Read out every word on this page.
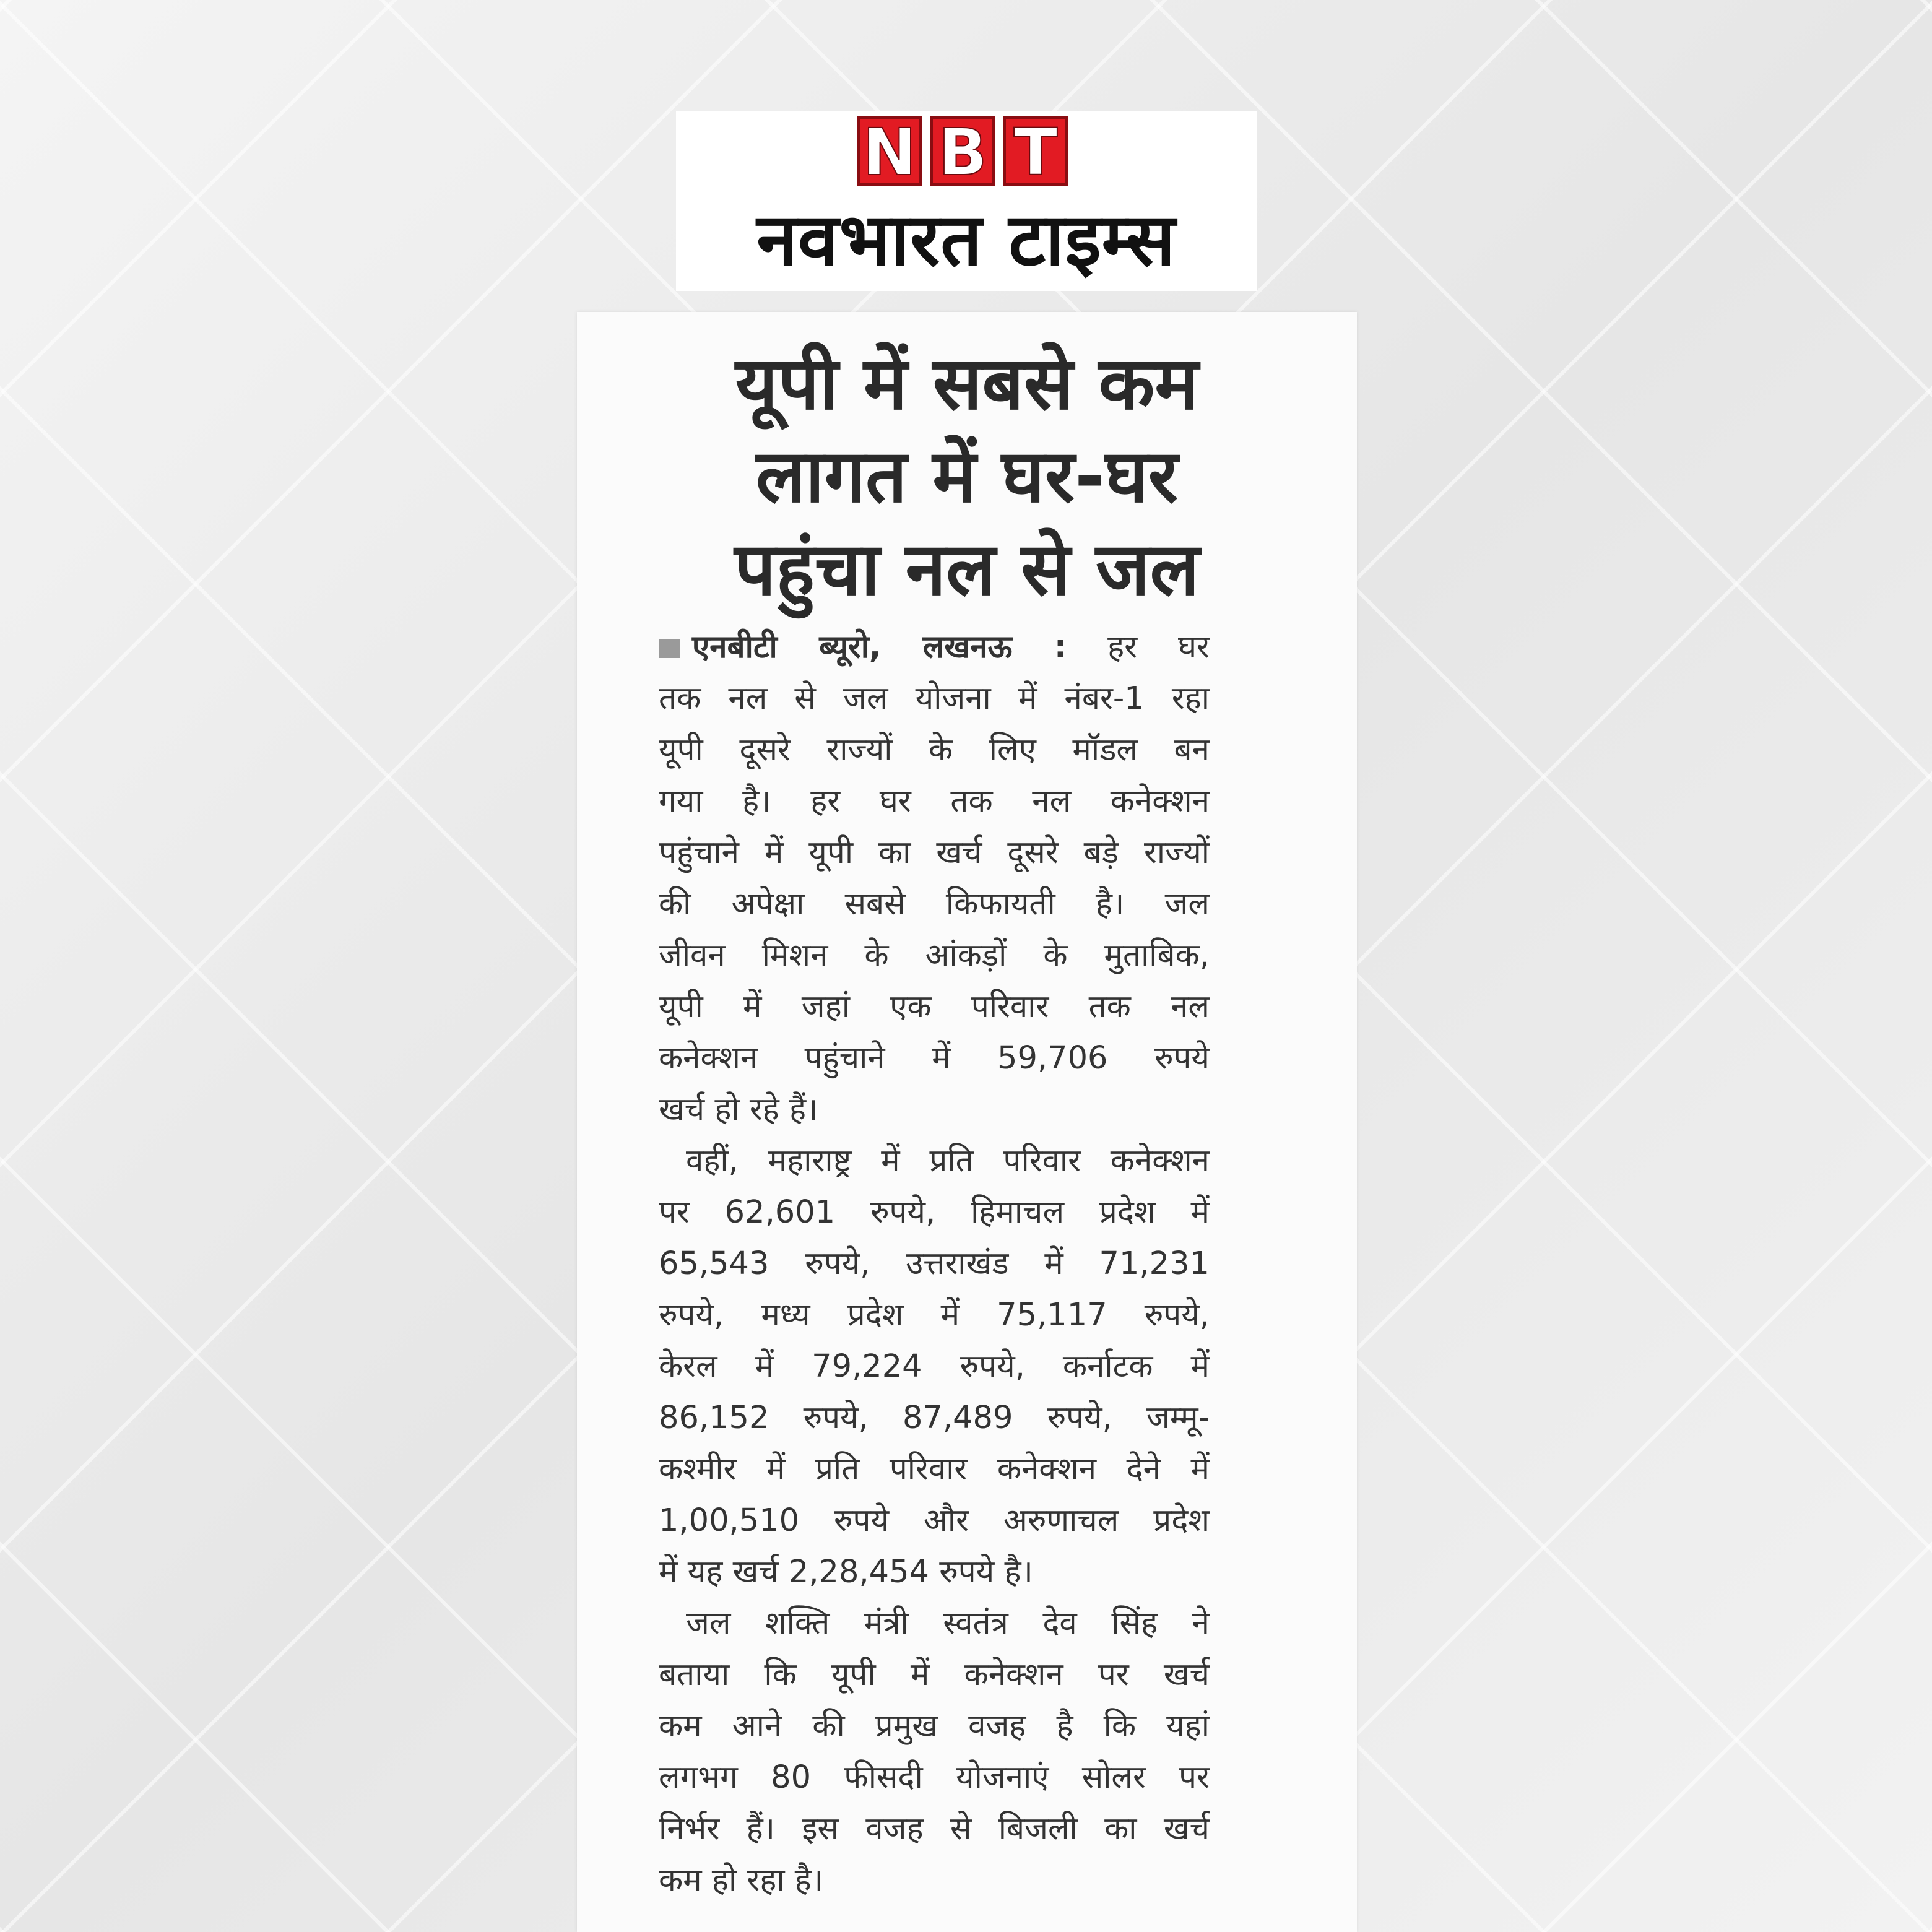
N B T
नवभारत टाइम्स
यूपी में सबसे कम
लागत में घर-घर
पहुंचा नल से जल
एनबीटी ब्यूरो, लखनऊ : हर घर
तक नल से जल योजना में नंबर-1 रहा
यूपी दूसरे राज्यों के लिए मॉडल बन
गया है। हर घर तक नल कनेक्शन
पहुंचाने में यूपी का खर्च दूसरे बड़े राज्यों
की अपेक्षा सबसे किफायती है। जल
जीवन मिशन के आंकड़ों के मुताबिक,
यूपी में जहां एक परिवार तक नल
कनेक्शन पहुंचाने में 59,706 रुपये
खर्च हो रहे हैं।
वहीं, महाराष्ट्र में प्रति परिवार कनेक्शन
पर 62,601 रुपये, हिमाचल प्रदेश में
65,543 रुपये, उत्तराखंड में 71,231
रुपये, मध्य प्रदेश में 75,117 रुपये,
केरल में 79,224 रुपये, कर्नाटक में
86,152 रुपये, 87,489 रुपये, जम्मू-
कश्मीर में प्रति परिवार कनेक्शन देने में
1,00,510 रुपये और अरुणाचल प्रदेश
में यह खर्च 2,28,454 रुपये है।
जल शक्ति मंत्री स्वतंत्र देव सिंह ने
बताया कि यूपी में कनेक्शन पर खर्च
कम आने की प्रमुख वजह है कि यहां
लगभग 80 फीसदी योजनाएं सोलर पर
निर्भर हैं। इस वजह से बिजली का खर्च
कम हो रहा है।
